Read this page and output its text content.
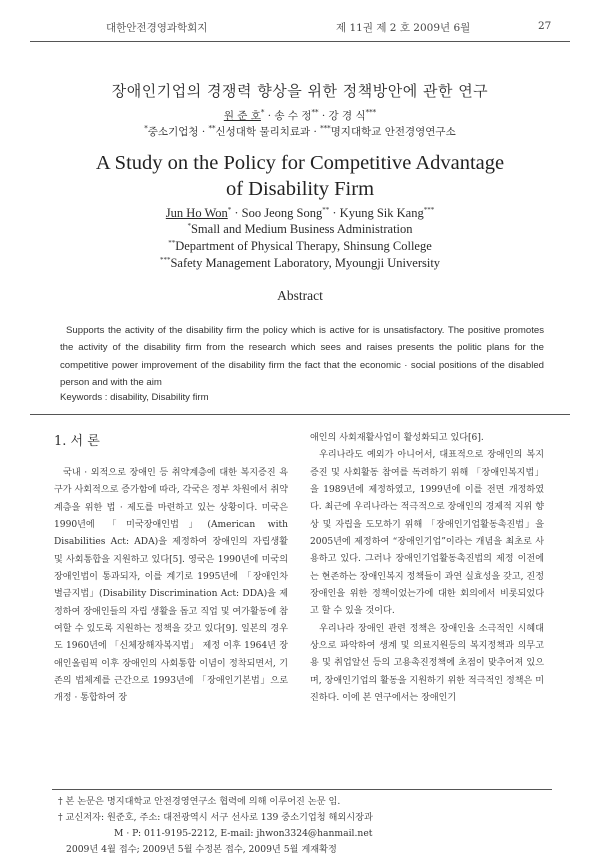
대한안전경영과학회지	제 11권 제 2 호 2009년 6월	27
장애인기업의 경쟁력 향상을 위한 정책방안에 관한 연구
원 준 호* · 송 수 정** · 강 경 식***
*중소기업청 · **신성대학 물리치료과 · ***명지대학교 안전경영연구소
A Study on the Policy for Competitive Advantage
of Disability Firm
Jun Ho Won* · Soo Jeong Song** · Kyung Sik Kang***
*Small and Medium Business Administration
**Department of Physical Therapy, Shinsung College
***Safety Management Laboratory, Myoungji University
Abstract
Supports the activity of the disability firm the policy which is active for is unsatisfactory. The positive promotes the activity of the disability firm from the research which sees and raises presents the politic plans for the competitive power improvement of the disability firm the fact that the economic · social positions of the disabled person and with the aim
Keywords : disability, Disability firm
1. 서 론

국내 · 외적으로 장애인 등 취약계층에 대한 복지증진 욕구가 사회적으로 증가함에 따라, 각국은 정부 차원에서 취약계층을 위한 법 · 제도를 마련하고 있는 상황이다. 미국은 1990년에 「미국장애인법」(American with Disabilities Act: ADA)을 제정하여 장애인의 자립생활 및 사회통합을 지원하고 있다[5]. 영국은 1990년에 미국의 장애인법이 통과되자, 이를 계기로 1995년에 「장애인차별금지법」(Disability Discrimination Act: DDA)을 제정하여 장애인들의 자립 생활을 돕고 직업 및 여가활동에 참여할 수 있도록 지원하는 정책을 갖고 있다[9]. 일본의 경우도 1960년에 「신체장해자복지법」 제정 이후 1964년 장애인올림픽 이후 장애인의 사회통합 이념이 정착되면서, 기존의 법체계를 근간으로 1993년에 「장애인기본법」으로 개정 · 통합하여 장

애인의 사회재활사업이 활성화되고 있다[6].

우리나라도 예외가 아니어서, 대표적으로 장애인의 복지증진 및 사회활동 참여를 독려하기 위해 「장애인복지법」을 1989년에 제정하였고, 1999년에 이를 전면 개정하였다. 최근에 우리나라는 적극적으로 장애인의 경제적 지위 향상 및 자립을 도모하기 위해 「장애인기업활동촉진법」을 2005년에 제정하여 “장애인기업”이라는 개념을 최초로 사용하고 있다. 그러나 장애인기업활동촉진법의 제정 이전에는 현존하는 장애인복지 정책들이 과연 실효성을 갖고, 진정 장애인을 위한 정책이었는가에 대한 회의에서 비롯되었다고 할 수 있을 것이다.

우리나라 장애인 관련 정책은 장애인을 소극적인 시혜대상으로 파악하여 생계 및 의료지원등의 복지정책과 의무고용 및 취업알선 등의 고용촉진정책에 초점이 맞추어져 있으며, 장애인기업의 활동을 지원하기 위한 적극적인 정책은 미진하다. 이에 본 연구에서는 장애인기

† 본 논문은 명지대학교 안전경영연구소 협력에 의해 이루어진 논문 임.
† 교신저자: 원준호, 주소: 대전광역시 서구 선사로 139 중소기업청 해외시장과
M · P: 011-9195-2212, E-mail: jhwon3324@hanmail.net
2009년 4월 접수; 2009년 5월 수정본 접수, 2009년 5월 게재확정
